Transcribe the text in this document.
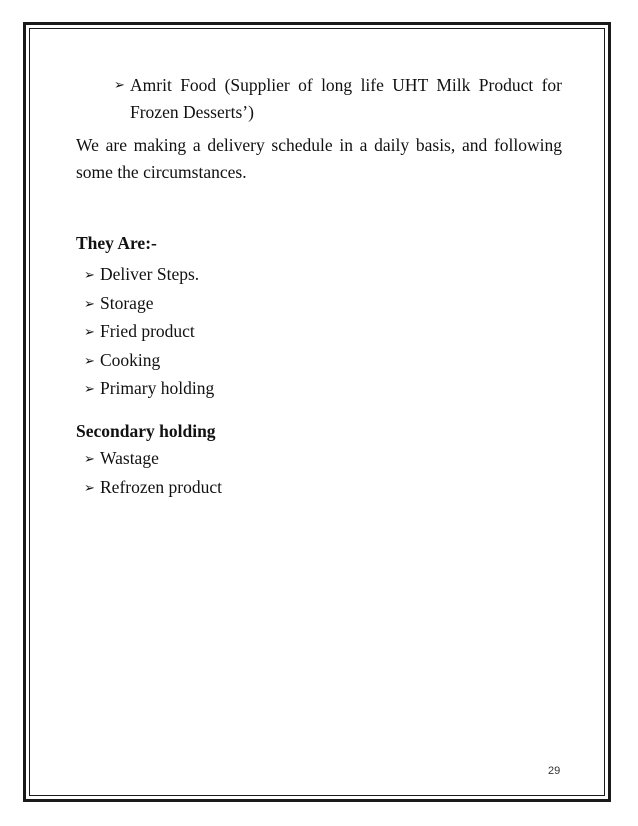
➢ Amrit Food (Supplier of long life UHT Milk Product for Frozen Desserts’)
We are making a delivery schedule in a daily basis, and following some the circumstances.
They Are:-
➢ Deliver Steps.
➢ Storage
➢ Fried product
➢ Cooking
➢ Primary holding
Secondary holding
➢ Wastage
➢ Refrozen product
29
